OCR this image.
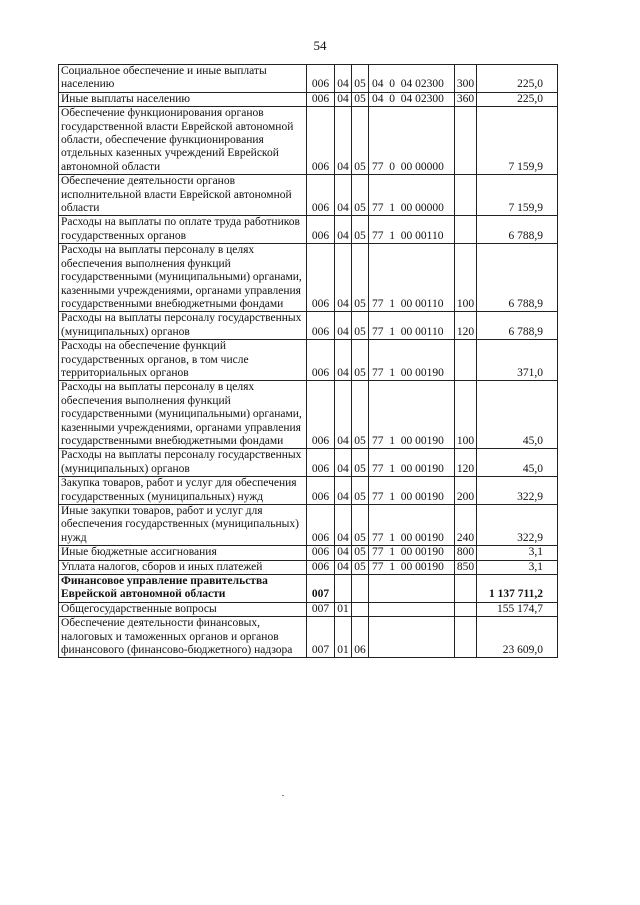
54
Социальное обеспечение и иные выплаты населению	006	04	05	04  0  04 02300	300	225,0
Иные выплаты населению	006	04	05	04  0  04 02300	360	225,0
Обеспечение функционирования органов государственной власти Еврейской автономной области, обеспечение функционирования отдельных казенных учреждений Еврейской автономной области	006	04	05	77  0  00 00000		7 159,9
Обеспечение деятельности органов исполнительной власти Еврейской автономной области	006	04	05	77  1  00 00000		7 159,9
Расходы на выплаты по оплате труда работников государственных органов	006	04	05	77  1  00 00110		6 788,9
Расходы на выплаты персоналу в целях обеспечения выполнения функций государственными (муниципальными) органами, казенными учреждениями, органами управления государственными внебюджетными фондами	006	04	05	77  1  00 00110	100	6 788,9
Расходы на выплаты персоналу государственных (муниципальных) органов	006	04	05	77  1  00 00110	120	6 788,9
Расходы на обеспечение функций государственных органов, в том числе территориальных органов	006	04	05	77  1  00 00190		371,0
Расходы на выплаты персоналу в целях обеспечения выполнения функций государственными (муниципальными) органами, казенными учреждениями, органами управления государственными внебюджетными фондами	006	04	05	77  1  00 00190	100	45,0
Расходы на выплаты персоналу государственных (муниципальных) органов	006	04	05	77  1  00 00190	120	45,0
Закупка товаров, работ и услуг для обеспечения государственных (муниципальных) нужд	006	04	05	77  1  00 00190	200	322,9
Иные закупки товаров, работ и услуг для обеспечения государственных (муниципальных) нужд	006	04	05	77  1  00 00190	240	322,9
Иные бюджетные ассигнования	006	04	05	77  1  00 00190	800	3,1
Уплата налогов, сборов и иных платежей	006	04	05	77  1  00 00190	850	3,1
Финансовое управление правительства Еврейской автономной области	007					1 137 711,2
Общегосударственные вопросы	007	01				155 174,7
Обеспечение деятельности финансовых, налоговых и таможенных органов и органов финансового (финансово-бюджетного) надзора	007	01	06			23 609,0
